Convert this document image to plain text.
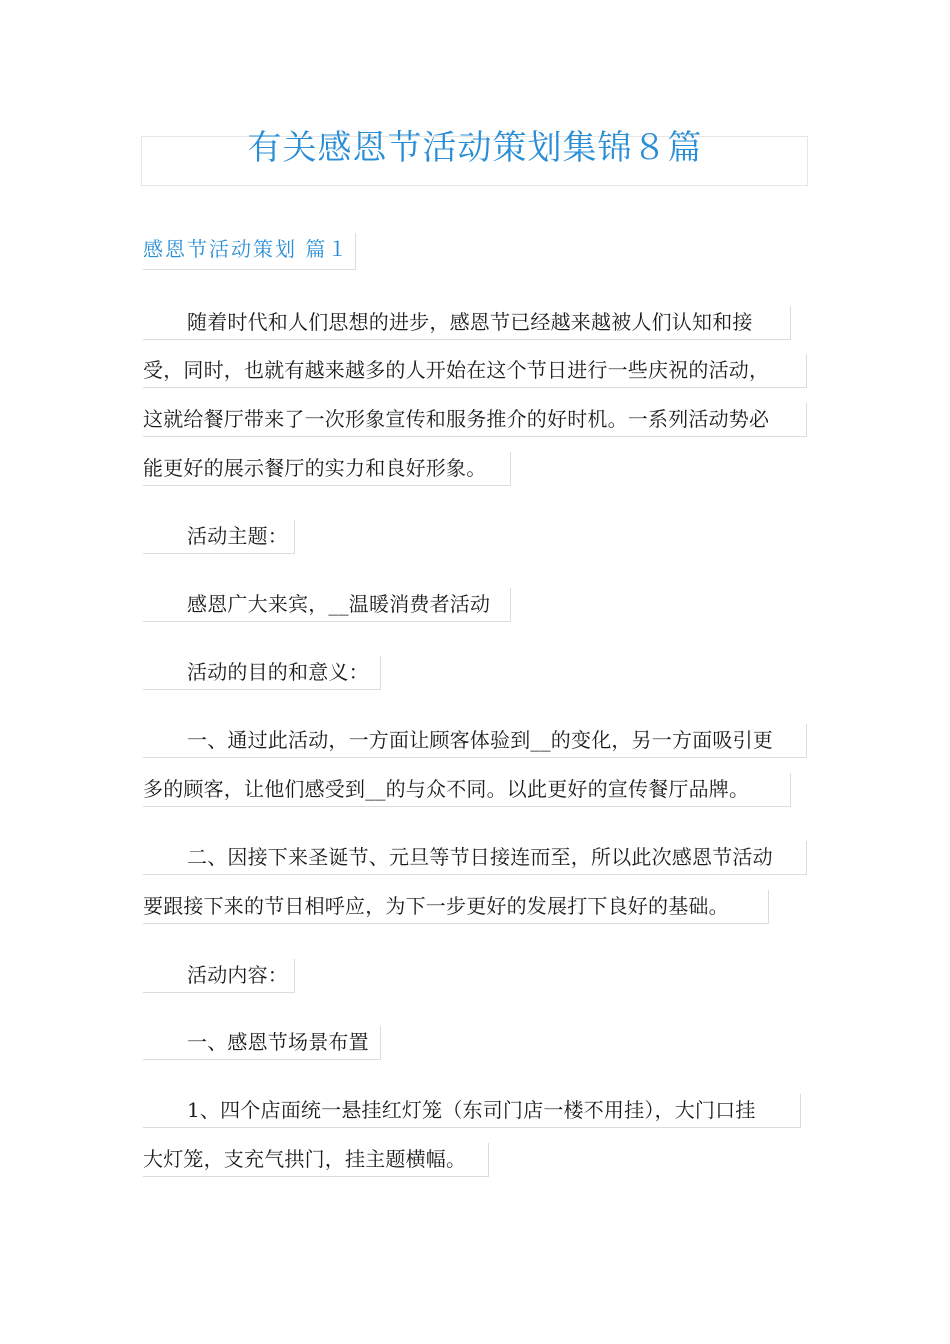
有关感恩节活动策划集锦８篇
感恩节活动策划 篇１
随着时代和人们思想的进步，感恩节已经越来越被人们认知和接
受，同时，也就有越来越多的人开始在这个节日进行一些庆祝的活动，
这就给餐厅带来了一次形象宣传和服务推介的好时机。一系列活动势必
能更好的展示餐厅的实力和良好形象。
活动主题：
感恩广大来宾，__温暖消费者活动
活动的目的和意义：
一、通过此活动，一方面让顾客体验到__的变化，另一方面吸引更
多的顾客，让他们感受到__的与众不同。以此更好的宣传餐厅品牌。
二、因接下来圣诞节、元旦等节日接连而至，所以此次感恩节活动
要跟接下来的节日相呼应，为下一步更好的发展打下良好的基础。
活动内容：
一、感恩节场景布置
1、四个店面统一悬挂红灯笼（东司门店一楼不用挂），大门口挂
大灯笼，支充气拱门，挂主题横幅。
